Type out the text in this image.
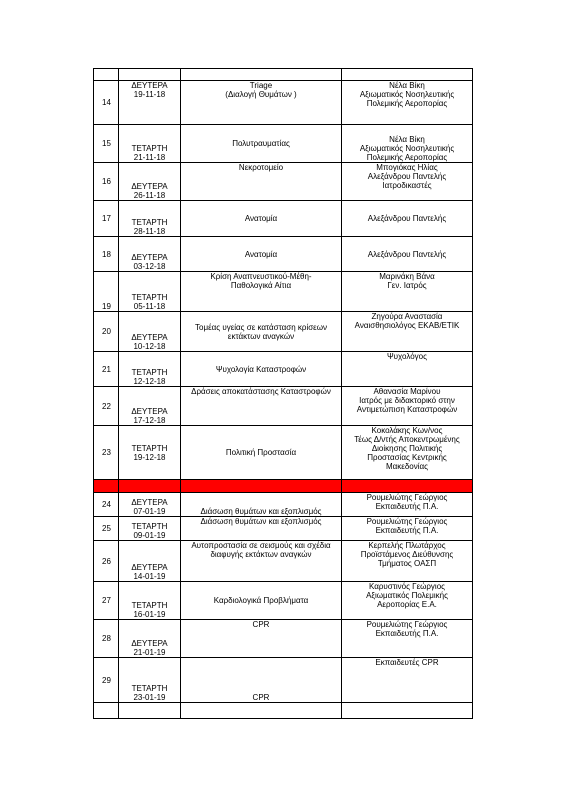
14	ΔΕΥΤΕΡΑ
19-11-18	Triage
(Διαλογή Θυμάτων )	Νέλα Βίκη
Αξιωματικός Νοσηλευτικής
Πολεμικής Αεροπορίας

15	ΤΕΤΑΡΤΗ
21-11-18	Πολυτραυματίας	Νέλα Βίκη
Αξιωματικός Νοσηλευτικής
Πολεμικής Αεροπορίας

16	ΔΕΥΤΕΡΑ
26-11-18	Νεκροτομείο	Μπογιόκας Ηλίας
Αλεξάνδρου Παντελής
Ιατροδικαστές

17	ΤΕΤΑΡΤΗ
28-11-18	Ανατομία	Αλεξάνδρου Παντελής

18	ΔΕΥΤΕΡΑ
03-12-18	Ανατομία	Αλεξάνδρου Παντελής

19	ΤΕΤΑΡΤΗ
05-11-18	Κρίση Αναπνευστικού-Μέθη-
Παθολογικά Αίτια	Μαρινάκη Βάνα
Γεν. Ιατρός

20	ΔΕΥΤΕΡΑ
10-12-18	Τομέας υγείας σε κατάσταση κρίσεων
εκτάκτων αναγκών	Ζηγούρα Αναστασία
Αναισθησιολόγος ΕΚΑΒ/ΕΤΙΚ

21	ΤΕΤΑΡΤΗ
12-12-18	Ψυχολογία Καταστροφών	Ψυχολόγος

22	ΔΕΥΤΕΡΑ
17-12-18	Δράσεις αποκατάστασης Καταστροφών	Αθανασία Μαρίνου
Ιατρός με διδακτορικό στην
Αντιμετώπιση Καταστροφών

23	ΤΕΤΑΡΤΗ
19-12-18	Πολιτική Προστασία	Κοκολάκης Κων/νος
Τέως Δ/ντής Αποκεντρωμένης
Διοίκησης Πολιτικής
Προστασίας Κεντρικής
Μακεδονίας

24	ΔΕΥΤΕΡΑ
07-01-19	Διάσωση θυμάτων και εξοπλισμός	Ρουμελιώτης Γεώργιος
Εκπαιδευτής Π.Α.

25	ΤΕΤΑΡΤΗ
09-01-19	Διάσωση θυμάτων και εξοπλισμός	Ρουμελιώτης Γεώργιος
Εκπαιδευτής Π.Α.

26	ΔΕΥΤΕΡΑ
14-01-19	Αυτοπροστασία σε σεισμούς και σχέδια
διαφυγής εκτάκτων αναγκών	Κερπελής Πλωτάρχος
Προϊστάμενος Διεύθυνσης
Τμήματος ΟΑΣΠ

27	ΤΕΤΑΡΤΗ
16-01-19	Καρδιολογικά Προβλήματα	Καρυστινός Γεώργιος
Αξιωματικός Πολεμικής
Αεροπορίας Ε.Α.

28	ΔΕΥΤΕΡΑ
21-01-19	CPR	Ρουμελιώτης Γεώργιος
Εκπαιδευτής Π.Α.

29	ΤΕΤΑΡΤΗ
23-01-19	CPR	Εκπαιδευτές CPR
